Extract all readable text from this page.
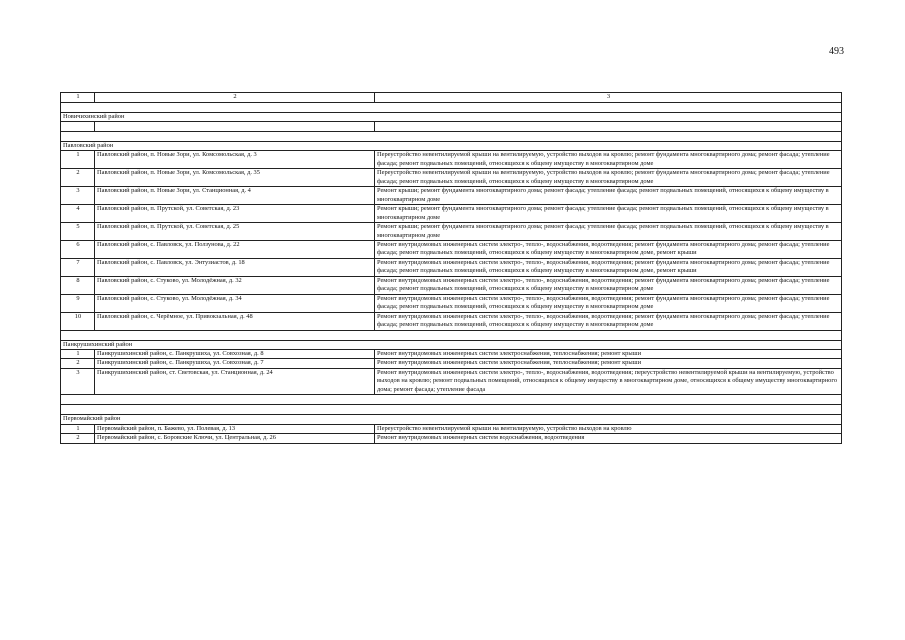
493
1	2	3

Новичихинский район		

Павловский район		
1	Павловский район, п. Новые Зори, ул. Комсомольская, д. 3	Переустройство невентилируемой крыши на вентилируемую, устройство выходов на кровлю; ремонт фундамента многоквартирного дома; ремонт фасада; утепление фасада; ремонт подвальных помещений, относящихся к общему имуществу в многоквартирном доме
2	Павловский район, п. Новые Зори, ул. Комсомольская, д. 35	Переустройство невентилируемой крыши на вентилируемую, устройство выходов на кровлю; ремонт фундамента многоквартирного дома; ремонт фасада; утепление фасада; ремонт подвальных помещений, относящихся к общему имуществу в многоквартирном доме
3	Павловский район, п. Новые Зори, ул. Станционная, д. 4	Ремонт крыши; ремонт фундамента многоквартирного дома; ремонт фасада; утепление фасада; ремонт подвальных помещений, относящихся к общему имуществу в многоквартирном доме
4	Павловский район, п. Прутской, ул. Советская, д. 23	Ремонт крыши; ремонт фундамента многоквартирного дома; ремонт фасада; утепление фасада; ремонт подвальных помещений, относящихся к общему имуществу в многоквартирном доме
5	Павловский район, п. Прутской, ул. Советская, д. 25	Ремонт крыши; ремонт фундамента многоквартирного дома; ремонт фасада; утепление фасада; ремонт подвальных помещений, относящихся к общему имуществу в многоквартирном доме
6	Павловский район, с. Павловск, ул. Ползунова, д. 22	Ремонт внутридомовых инженерных систем электро-, тепло-, водоснабжения, водоотведения; ремонт фундамента многоквартирного дома; ремонт фасада; утепление фасада; ремонт подвальных помещений, относящихся к общему имуществу в многоквартирном доме, ремонт крыши
7	Павловский район, с. Павловск, ул. Энтузиастов, д. 18	Ремонт внутридомовых инженерных систем электро-, тепло-, водоснабжения, водоотведения; ремонт фундамента многоквартирного дома; ремонт фасада; утепление фасада; ремонт подвальных помещений, относящихся к общему имуществу в многоквартирном доме, ремонт крыши
8	Павловский район, с. Стуково, ул. Молодёжная, д. 32	Ремонт внутридомовых инженерных систем электро-, тепло-, водоснабжения, водоотведения; ремонт фундамента многоквартирного дома; ремонт фасада; утепление фасада; ремонт подвальных помещений, относящихся к общему имуществу в многоквартирном доме
9	Павловский район, с. Стуково, ул. Молодёжная, д. 34	Ремонт внутридомовых инженерных систем электро-, тепло-, водоснабжения, водоотведения; ремонт фундамента многоквартирного дома; ремонт фасада; утепление фасада; ремонт подвальных помещений, относящихся к общему имуществу в многоквартирном доме
10	Павловский район, с. Черёмное, ул. Привокзальная, д. 48	Ремонт внутридомовых инженерных систем электро-, тепло-, водоснабжения, водоотведения; ремонт фундамента многоквартирного дома; ремонт фасада; утепление фасада; ремонт подвальных помещений, относящихся к общему имуществу в многоквартирном доме

Панкрушихинский район		
1	Панкрушихинский район, с. Панкрушиха, ул. Совхозная, д. 8	Ремонт внутридомовых инженерных систем электроснабжения, теплоснабжения; ремонт крыши
2	Панкрушихинский район, с. Панкрушиха, ул. Совхозная, д. 7	Ремонт внутридомовых инженерных систем электроснабжения, теплоснабжения; ремонт крыши
3	Панкрушихинский район, ст. Световская, ул. Станционная, д. 24	Ремонт внутридомовых инженерных систем электро-, тепло-, водоснабжения, водоотведения; переустройство невентилируемой крыши на вентилируемую, устройство выходов на кровлю; ремонт подвальных помещений, относящихся к общему имуществу в многоквартирном доме, относящихся к общему имуществу многоквартирного дома; ремонт фасада; утепление фасада

Первомайский район		
1	Первомайский район, п. Бажево, ул. Полевая, д. 13	Переустройство невентилируемой крыши на вентилируемую, устройство выходов на кровлю
2	Первомайский район, с. Боровские Ключи, ул. Центральная, д. 26	Ремонт внутридомовых инженерных систем водоснабжения, водоотведения
